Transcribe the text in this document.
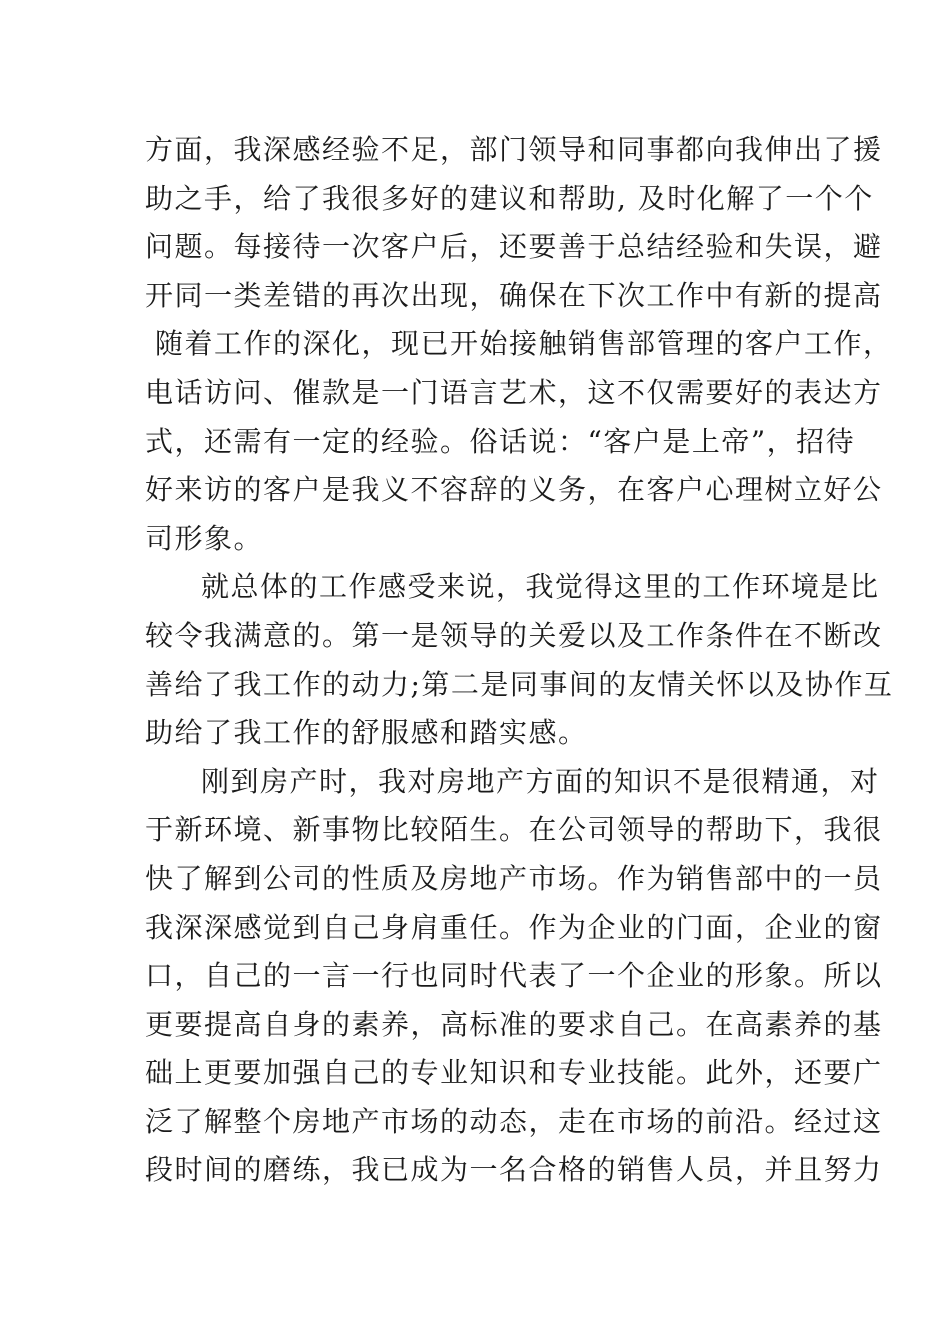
方面，我深感经验不足，部门领导和同事都向我伸出了援
助之手，给了我很多好的建议和帮助, 及时化解了一个个
问题。每接待一次客户后，还要善于总结经验和失误，避
开同一类差错的再次出现，确保在下次工作中有新的提高
随着工作的深化，现已开始接触销售部管理的客户工作，
电话访问、催款是一门语言艺术，这不仅需要好的表达方
式，还需有一定的经验。俗话说：“客户是上帝”，招待
好来访的客户是我义不容辞的义务，在客户心理树立好公
司形象。
就总体的工作感受来说，我觉得这里的工作环境是比
较令我满意的。第一是领导的关爱以及工作条件在不断改
善给了我工作的动力;第二是同事间的友情关怀以及协作互
助给了我工作的舒服感和踏实感。
刚到房产时，我对房地产方面的知识不是很精通，对
于新环境、新事物比较陌生。在公司领导的帮助下，我很
快了解到公司的性质及房地产市场。作为销售部中的一员
我深深感觉到自己身肩重任。作为企业的门面，企业的窗
口，自己的一言一行也同时代表了一个企业的形象。所以
更要提高自身的素养，高标准的要求自己。在高素养的基
础上更要加强自己的专业知识和专业技能。此外，还要广
泛了解整个房地产市场的动态，走在市场的前沿。经过这
段时间的磨练，我已成为一名合格的销售人员，并且努力
